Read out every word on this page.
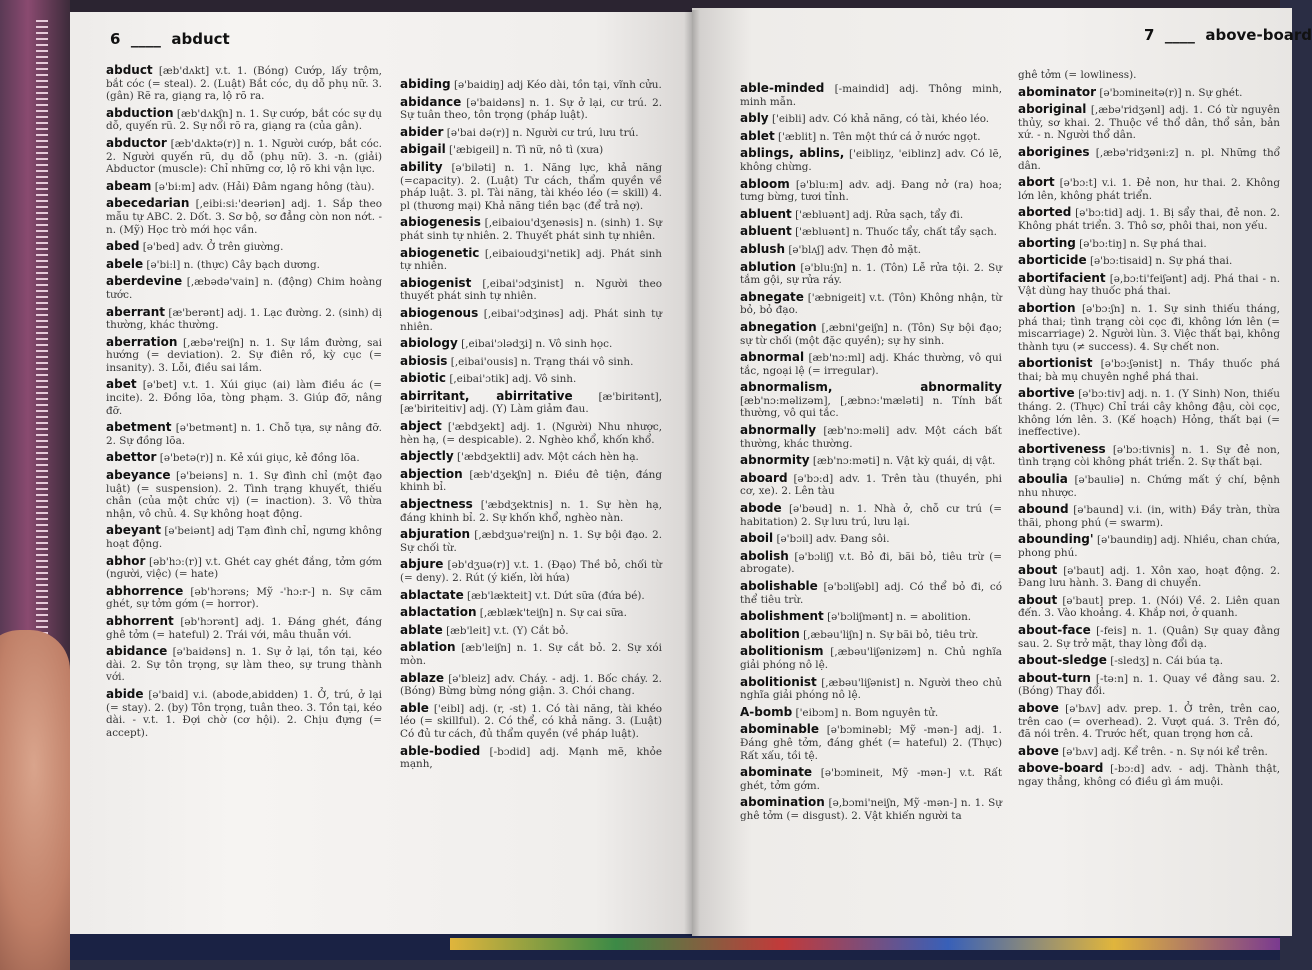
6  ____  abduct

abduct [æb'dʌkt] v.t. 1. (Bóng) Cướp, lấy trộm, bắt cóc (= steal). 2. (Luật) Bắt cóc, dụ dỗ phụ nữ. 3. (gân) Rẽ ra, giạng ra, lộ rõ ra.

abduction [æb'dʌkʃn] n. 1. Sự cướp, bắt cóc sự dụ dỗ, quyến rũ. 2. Sự nổi rõ ra, giạng ra (của gân).

abductor [æb'dʌktə(r)] n. 1. Người cướp, bắt cóc. 2. Người quyến rũ, dụ dỗ (phụ nữ). 3. -n. (giải) Abductor (muscle): Chỉ những cơ, lộ rõ khi vận lực.

abeam [ə'bi:m] adv. (Hải) Đâm ngang hông (tàu).

abecedarian [,eibi:si:'deəriən] adj. 1. Sắp theo mẫu tự ABC. 2. Dốt. 3. Sơ bộ, sơ đẳng còn non nớt. -n. (Mỹ) Học trò mới học vần.

abed [ə'bed] adv. Ở trên giường.

abele [ə'bi:l] n. (thực) Cây bạch dương.

aberdevine [,æbədə'vain] n. (động) Chim hoàng tước.

aberrant [æ'berənt] adj. 1. Lạc đường. 2. (sinh) dị thường, khác thường.

aberration [,æbə'reiʃn] n. 1. Sự lầm đường, sai hướng (= deviation). 2. Sự điên rồ, kỳ cục (= insanity). 3. Lỗi, điều sai lầm.

abet [ə'bet] v.t. 1. Xúi giục (ai) làm điều ác (= incite). 2. Đồng lõa, tòng phạm. 3. Giúp đỡ, nâng đỡ.

abetment [ə'betmənt] n. 1. Chỗ tựa, sự nâng đỡ. 2. Sự đồng lõa.

abettor [ə'betə(r)] n. Kẻ xúi giục, kẻ đồng lõa.

abeyance [ə'beiəns] n. 1. Sự đình chỉ (một đạo luật) (= suspension). 2. Tình trạng khuyết, thiếu chân (của một chức vị) (= inaction). 3. Vô thừa nhận, vô chủ. 4. Sự không hoạt động.

abeyant [ə'beiənt] adj Tạm đình chỉ, ngưng không hoạt động.

abhor [əb'hɔ:(r)] v.t. Ghét cay ghét đắng, tởm gớm (người, việc) (= hate)

abhorrence [əb'hɔrəns; Mỹ -'hɔ:r-] n. Sự căm ghét, sự tởm gớm (= horror).

abhorrent [əb'hɔrənt] adj. 1. Đáng ghét, đáng ghê tởm (= hateful) 2. Trái với, mâu thuẫn với.

abidance [ə'baidəns] n. 1. Sự ở lại, tồn tại, kéo dài. 2. Sự tôn trọng, sự làm theo, sự trung thành với.

abide [ə'baid] v.i. (abode,abidden) 1. Ở, trú, ở lại (= stay). 2. (by) Tôn trọng, tuân theo. 3. Tồn tại, kéo dài. - v.t. 1. Đợi chờ (cơ hội). 2. Chịu đựng (= accept).

abiding [ə'baidiŋ] adj Kéo dài, tồn tại, vĩnh cửu.

abidance [ə'baidəns] n. 1. Sự ở lại, cư trú. 2. Sự tuân theo, tôn trọng (pháp luật).

abider [ə'bai də(r)] n. Người cư trú, lưu trú.

abigail ['æbigeil] n. Tì nữ, nô tì (xưa)

ability [ə'biləti] n. 1. Năng lực, khả năng (=capacity). 2. (Luật) Tư cách, thẩm quyền về pháp luật. 3. pl. Tài năng, tài khéo léo (= skill) 4. pl (thương mại) Khả năng tiền bạc (để trả nợ).

abiogenesis [,eibaiou'dʒenəsis] n. (sinh) 1. Sự phát sinh tự nhiên. 2. Thuyết phát sinh tự nhiên.

abiogenetic [,eibaioudʒi'netik] adj. Phát sinh tự nhiên.

abiogenist [,eibai'ɔdʒinist] n. Người theo thuyết phát sinh tự nhiên.

abiogenous [,eibai'ɔdʒinəs] adj. Phát sinh tự nhiên.

abiology [,eibai'ɔlədʒi] n. Vô sinh học.

abiosis [,eibai'ousis] n. Trạng thái vô sinh.

abiotic [,eibai'ɔtik] adj. Vô sinh.

abirritant, abirritative [æ'biritənt], [æ'biriteitiv] adj. (Y) Làm giảm đau.

abject ['æbdʒekt] adj. 1. (Người) Nhu nhược, hèn hạ, (= despicable). 2. Nghèo khổ, khốn khổ.

abjectly ['æbdʒektli] adv. Một cách hèn hạ.

abjection [æb'dʒekʃn] n. Điều đê tiện, đáng khinh bỉ.

abjectness ['æbdʒektnis] n. 1. Sự hèn hạ, đáng khinh bỉ. 2. Sự khốn khổ, nghèo nàn.

abjuration [,æbdʒuə'reiʃn] n. 1. Sự bội đạo. 2. Sự chối từ.

abjure [əb'dʒuə(r)] v.t. 1. (Đạo) Thề bỏ, chối từ (= deny). 2. Rút (ý kiến, lời hứa)

ablactate [æb'lækteit] v.t. Dứt sữa (đứa bé).

ablactation [,æblæk'teiʃn] n. Sự cai sữa.

ablate [æb'leit] v.t. (Y) Cắt bỏ.

ablation [æb'leiʃn] n. 1. Sự cắt bỏ. 2. Sự xói mòn.

ablaze [ə'bleiz] adv. Cháy. - adj. 1. Bốc cháy. 2. (Bóng) Bừng bừng nóng giận. 3. Chói chang.

able ['eibl] adj. (r, -st) 1. Có tài năng, tài khéo léo (= skillful). 2. Có thể, có khả năng. 3. (Luật) Có đủ tư cách, đủ thẩm quyền (về pháp luật).

able-bodied [-bɔdid] adj. Mạnh mẽ, khỏe mạnh,

7  ____  above-board

able-minded [-maindid] adj. Thông minh, minh mẫn.

ably ['eibli] adv. Có khả năng, có tài, khéo léo.

ablet ['æblit] n. Tên một thứ cá ở nước ngọt.

ablings, ablins, ['eibliŋz, 'eiblinz] adv. Có lẽ, không chừng.

abloom [ə'blu:m] adv. adj. Đang nở (ra) hoa; tưng bừng, tươi tỉnh.

abluent ['æbluənt] adj. Rửa sạch, tẩy đi.

abluent ['æbluənt] n. Thuốc tẩy, chất tẩy sạch.

ablush [ə'blʌʃ] adv. Thẹn đỏ mặt.

ablution [ə'blu:ʃn] n. 1. (Tôn) Lễ rửa tội. 2. Sự tắm gội, sự rửa ráy.

abnegate ['æbnigeit] v.t. (Tôn) Không nhận, từ bỏ, bỏ đạo.

abnegation [,æbni'geiʃn] n. (Tôn) Sự bội đạo; sự từ chối (một đặc quyền); sự hy sinh.

abnormal [æb'nɔ:ml] adj. Khác thường, vô qui tắc, ngoại lệ (= irregular).

abnormalism, abnormality [æb'nɔ:məlizəm], [,æbnɔ:'mæləti] n. Tính bất thường, vô qui tắc.

abnormally [æb'nɔ:məli] adv. Một cách bất thường, khác thường.

abnormity [æb'nɔ:məti] n. Vật kỳ quái, dị vật.

aboard [ə'bɔ:d] adv. 1. Trên tàu (thuyền, phi cơ, xe). 2. Lên tàu

abode [ə'bəud] n. 1. Nhà ở, chỗ cư trú (= habitation) 2. Sự lưu trú, lưu lại.

aboil [ə'bɔil] adv. Đang sôi.

abolish [ə'bɔliʃ] v.t. Bỏ đi, bãi bỏ, tiêu trừ (= abrogate).

abolishable [ə'bɔliʃəbl] adj. Có thể bỏ đi, có thể tiêu trừ.

abolishment [ə'bɔliʃmənt] n. = abolition.

abolition [,æbəu'liʃn] n. Sự bãi bỏ, tiêu trừ.

abolitionism [,æbəu'liʃənizəm] n. Chủ nghĩa giải phóng nô lệ.

abolitionist [,æbəu'liʃənist] n. Người theo chủ nghĩa giải phóng nô lệ.

A-bomb ['eibɔm] n. Bom nguyên tử.

abominable [ə'bɔminəbl; Mỹ -mən-] adj. 1. Đáng ghê tởm, đáng ghét (= hateful) 2. (Thực) Rất xấu, tồi tệ.

abominate [ə'bɔmineit, Mỹ -mən-] v.t. Rất ghét, tởm gớm.

abomination [ə,bɔmi'neiʃn, Mỹ -mən-] n. 1. Sự ghê tởm (= disgust). 2. Vật khiến người ta

ghê tởm (= lowliness).

abominator [ə'bɔmineitə(r)] n. Sự ghét.

aboriginal [,æbə'ridʒənl] adj. 1. Có từ nguyên thủy, sơ khai. 2. Thuộc về thổ dân, thổ sản, bản xứ. - n. Người thổ dân.

aborigines [,æbə'ridʒəni:z] n. pl. Những thổ dân.

abort [ə'bɔ:t] v.i. 1. Đẻ non, hư thai. 2. Không lớn lên, không phát triển.

aborted [ə'bɔ:tid] adj. 1. Bị sẩy thai, đẻ non. 2. Không phát triển. 3. Thô sơ, phôi thai, non yếu.

aborting [ə'bɔ:tiŋ] n. Sự phá thai.

aborticide [ə'bɔ:tisaid] n. Sự phá thai.

abortifacient [ə,bɔ:ti'feiʃənt] adj. Phá thai - n. Vật dùng hay thuốc phá thai.

abortion [ə'bɔ:ʃn] n. 1. Sự sinh thiếu tháng, phá thai; tình trạng còi cọc đi, không lớn lên (= miscarriage) 2. Người lùn. 3. Việc thất bại, không thành tựu (≠ success). 4. Sự chết non.

abortionist [ə'bɔ:ʃənist] n. Thầy thuốc phá thai; bà mụ chuyên nghề phá thai.

abortive [ə'bɔ:tiv] adj. n. 1. (Y Sinh) Non, thiếu tháng. 2. (Thực) Chỉ trái cây không đậu, còi cọc, không lớn lên. 3. (Kế hoạch) Hỏng, thất bại (= ineffective).

abortiveness [ə'bɔ:tivnis] n. 1. Sự đẻ non, tình trạng còi không phát triển. 2. Sự thất bại.

aboulia [ə'bauliə] n. Chứng mất ý chí, bệnh nhu nhược.

abound [ə'baund] v.i. (in, with) Đầy tràn, thừa thãi, phong phú (= swarm).

abounding' [ə'baundiŋ] adj. Nhiều, chan chứa, phong phú.

about [ə'baut] adj. 1. Xôn xao, hoạt động. 2. Đang lưu hành. 3. Đang di chuyển.

about [ə'baut] prep. 1. (Nói) Về. 2. Liên quan đến. 3. Vào khoảng. 4. Khắp nơi, ở quanh.

about-face [-feis] n. 1. (Quân) Sự quay đằng sau. 2. Sự trở mặt, thay lòng đổi dạ.

about-sledge [-sledʒ] n. Cái búa tạ.

about-turn [-tə:n] n. 1. Quay về đằng sau. 2. (Bóng) Thay đổi.

above [ə'bʌv] adv. prep. 1. Ở trên, trên cao, trên cao (= overhead). 2. Vượt quá. 3. Trên đó, đã nói trên. 4. Trước hết, quan trọng hơn cả.

above [ə'bʌv] adj. Kể trên. - n. Sự nói kể trên.

above-board [-bɔ:d] adv. - adj. Thành thật, ngay thẳng, không có điều gì ám muội.
